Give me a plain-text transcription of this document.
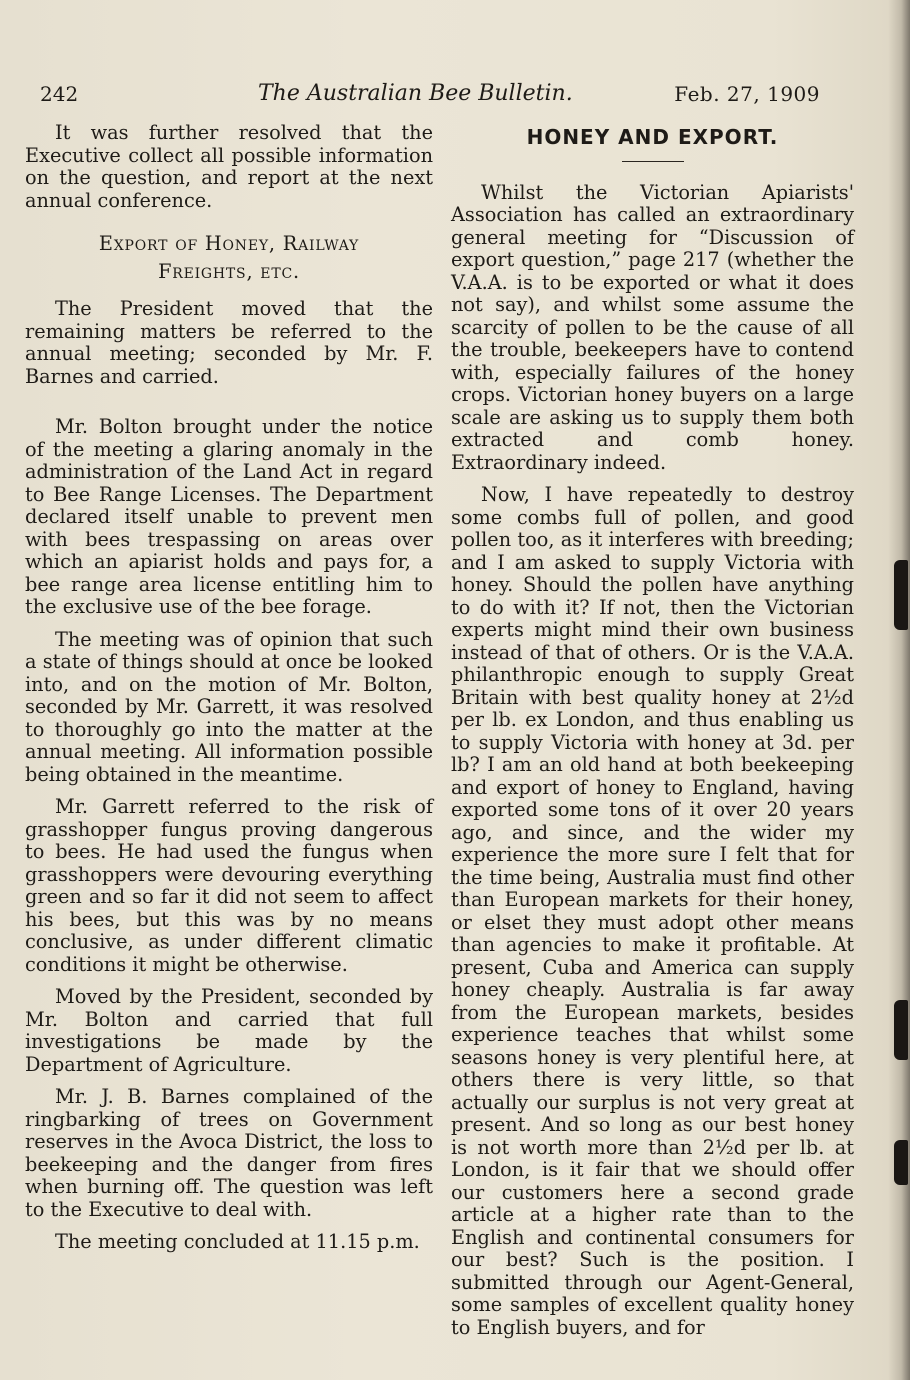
242	The Australian Bee Bulletin.	Feb. 27, 1909

It was further resolved that the Executive collect all possible information on the question, and report at the next annual conference.

Export of Honey, Railway
Freights, etc.

The President moved that the remaining matters be referred to the annual meeting; seconded by Mr. F. Barnes and carried.

Mr. Bolton brought under the notice of the meeting a glaring anomaly in the administration of the Land Act in regard to Bee Range Licenses. The Department declared itself unable to prevent men with bees trespassing on areas over which an apiarist holds and pays for, a bee range area license entitling him to the exclusive use of the bee forage.

The meeting was of opinion that such a state of things should at once be looked into, and on the motion of Mr. Bolton, seconded by Mr. Garrett, it was resolved to thoroughly go into the matter at the annual meeting. All information possible being obtained in the meantime.

Mr. Garrett referred to the risk of grasshopper fungus proving dangerous to bees. He had used the fungus when grasshoppers were devouring everything green and so far it did not seem to affect his bees, but this was by no means conclusive, as under different climatic conditions it might be otherwise.

Moved by the President, seconded by Mr. Bolton and carried that full investigations be made by the Department of Agriculture.

Mr. J. B. Barnes complained of the ringbarking of trees on Government reserves in the Avoca District, the loss to beekeeping and the danger from fires when burning off. The question was left to the Executive to deal with.

The meeting concluded at 11.15 p.m.

HONEY AND EXPORT.

Whilst the Victorian Apiarists' Association has called an extraordinary general meeting for “Discussion of export question,” page 217 (whether the V.A.A. is to be exported or what it does not say), and whilst some assume the scarcity of pollen to be the cause of all the trouble, beekeepers have to contend with, especially failures of the honey crops. Victorian honey buyers on a large scale are asking us to supply them both extracted and comb honey. Extraordinary indeed.

Now, I have repeatedly to destroy some combs full of pollen, and good pollen too, as it interferes with breeding; and I am asked to supply Victoria with honey. Should the pollen have anything to do with it? If not, then the Victorian experts might mind their own business instead of that of others. Or is the V.A.A. philanthropic enough to supply Great Britain with best quality honey at 2½d per lb. ex London, and thus enabling us to supply Victoria with honey at 3d. per lb? I am an old hand at both beekeeping and export of honey to England, having exported some tons of it over 20 years ago, and since, and the wider my experience the more sure I felt that for the time being, Australia must find other than European markets for their honey, or elset they must adopt other means than agencies to make it profitable. At present, Cuba and America can supply honey cheaply. Australia is far away from the European markets, besides experience teaches that whilst some seasons honey is very plentiful here, at others there is very little, so that actually our surplus is not very great at present. And so long as our best honey is not worth more than 2½d per lb. at London, is it fair that we should offer our customers here a second grade article at a higher rate than to the English and continental consumers for our best? Such is the position. I submitted through our Agent-General, some samples of excellent quality honey to English buyers, and for
